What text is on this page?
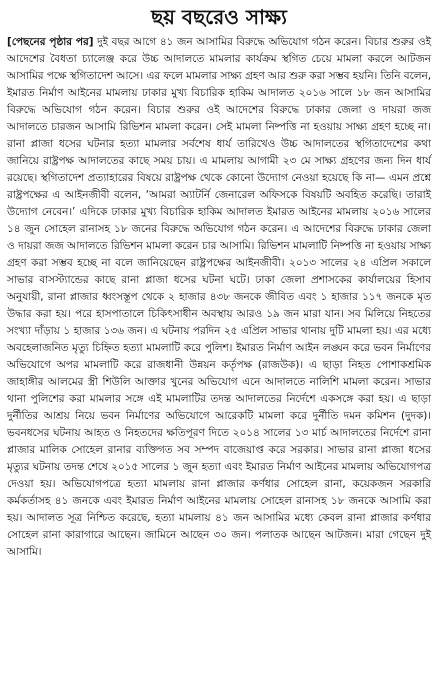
ছয় বছরেও সাক্ষ্য

[পেছনের পৃষ্ঠার পর] দুই বছর আগে ৪১ জন আসামির বিরুদ্ধে অভিযোগ গঠন করেন। বিচার শুরুর ওই আদেশের বৈধতা চ্যালেঞ্জ করে উচ্চ আদালতে মামলার কার্যক্রম স্থগিত চেয়ে মামলা করলে আটজন আসামির পক্ষে স্থগিতাদেশ আসে। এর ফলে মামলার সাক্ষ্য গ্রহণ আর শুরু করা সম্ভব হয়নি। তিনি বলেন, ইমারত নির্মাণ আইনের মামলায় ঢাকার মুখ্য বিচারিক হাকিম আদালত ২০১৬ সালে ১৮ জন আসামির বিরুদ্ধে অভিযোগ গঠন করেন। বিচার শুরুর ওই আদেশের বিরুদ্ধে ঢাকার জেলা ও দায়রা জজ আদালতে চারজন আসামি রিভিশন মামলা করেন। সেই মামলা নিষ্পত্তি না হওয়ায় সাক্ষ্য গ্রহণ হচ্ছে না। রানা প্লাজা ধসের ঘটনার হত্যা মামলার সর্বশেষ ধার্য তারিখেও উচ্চ আদালতের স্থগিতাদেশের কথা জানিয়ে রাষ্ট্রপক্ষ আদালতের কাছে সময় চায়। এ মামলায় আগামী ২৩ মে সাক্ষ্য গ্রহণের জন্য দিন ধার্য রয়েছে। স্থগিতাদেশ প্রত্যাহারের বিষয়ে রাষ্ট্রপক্ষ থেকে কোনো উদ্যোগ নেওয়া হয়েছে কি না— এমন প্রশ্নে রাষ্ট্রপক্ষের এ আইনজীবী বলেন, ‘আমরা অ্যাটর্নি জেনারেল অফিসকে বিষয়টি অবহিত করেছি। তারাই উদ্যোগ নেবেন।’ এদিকে ঢাকার মুখ্য বিচারিক হাকিম আদালত ইমারত আইনের মামলায় ২০১৬ সালের ১৪ জুন সোহেল রানাসহ ১৮ জনের বিরুদ্ধে অভিযোগ গঠন করেন। এ আদেশের বিরুদ্ধে ঢাকার জেলা ও দায়রা জজ আদালতে রিভিশন মামলা করেন চার আসামি। রিভিশন মামলাটি নিষ্পত্তি না হওয়ায় সাক্ষ্য গ্রহণ করা সম্ভব হচ্ছে না বলে জানিয়েছেন রাষ্ট্রপক্ষের আইনজীবী। ২০১৩ সালের ২৪ এপ্রিল সকালে সাভার বাসস্ট্যান্ডের কাছে রানা প্লাজা ধসের ঘটনা ঘটে। ঢাকা জেলা প্রশাসকের কার্যালয়ের হিসাব অনুযায়ী, রানা প্লাজার ধ্বংসস্তূপ থেকে ২ হাজার ৪৩৮ জনকে জীবিত এবং ১ হাজার ১১৭ জনকে মৃত উদ্ধার করা হয়। পরে হাসপাতালে চিকিৎসাধীন অবস্থায় আরও ১৯ জন মারা যান। সব মিলিয়ে নিহতের সংখ্যা দাঁড়ায় ১ হাজার ১৩৬ জন। এ ঘটনায় পরদিন ২৫ এপ্রিল সাভার থানায় দুটি মামলা হয়। এর মধ্যে অবহেলাজনিত মৃত্যু চিহ্নিত হত্যা মামলাটি করে পুলিশ। ইমারত নির্মাণ আইন লঙ্ঘন করে ভবন নির্মাণের অভিযোগে অপর মামলাটি করে রাজধানী উন্নয়ন কর্তৃপক্ষ (রাজউক)। এ ছাড়া নিহত পোশাকশ্রমিক জাহাঙ্গীর আলমের স্ত্রী শিউলি আক্তার খুনের অভিযোগ এনে আদালতে নালিশি মামলা করেন। সাভার থানা পুলিশের করা মামলার সঙ্গে এই মামলাটির তদন্ত আদালতের নির্দেশে একসঙ্গে করা হয়। এ ছাড়া দুর্নীতির আশ্রয় নিয়ে ভবন নির্মাণের অভিযোগে আরেকটি মামলা করে দুর্নীতি দমন কমিশন (দুদক)। ভবনধসের ঘটনায় আহত ও নিহতদের ক্ষতিপূরণ দিতে ২০১৪ সালের ১৩ মার্চ আদালতের নির্দেশে রানা প্লাজার মালিক সোহেল রানার ব্যক্তিগত সব সম্পদ বাজেয়াপ্ত করে সরকার। সাভার রানা প্লাজা ধসের মৃত্যুর ঘটনায় তদন্ত শেষে ২০১৫ সালের ১ জুন হত্যা এবং ইমারত নির্মাণ আইনের মামলায় অভিযোগপত্র দেওয়া হয়। অভিযোগপত্রে হত্যা মামলায় রানা প্লাজার কর্ণধার সোহেল রানা, কয়েকজন সরকারি কর্মকর্তাসহ ৪১ জনকে এবং ইমারত নির্মাণ আইনের মামলায় সোহেল রানাসহ ১৮ জনকে আসামি করা হয়। আদালত সূত্র নিশ্চিত করেছে, হত্যা মামলায় ৪১ জন আসামির মধ্যে কেবল রানা প্লাজার কর্ণধার সোহেল রানা কারাগারে আছেন। জামিনে আছেন ৩০ জন। পলাতক আছেন আটজন। মারা গেছেন দুই আসামি।
